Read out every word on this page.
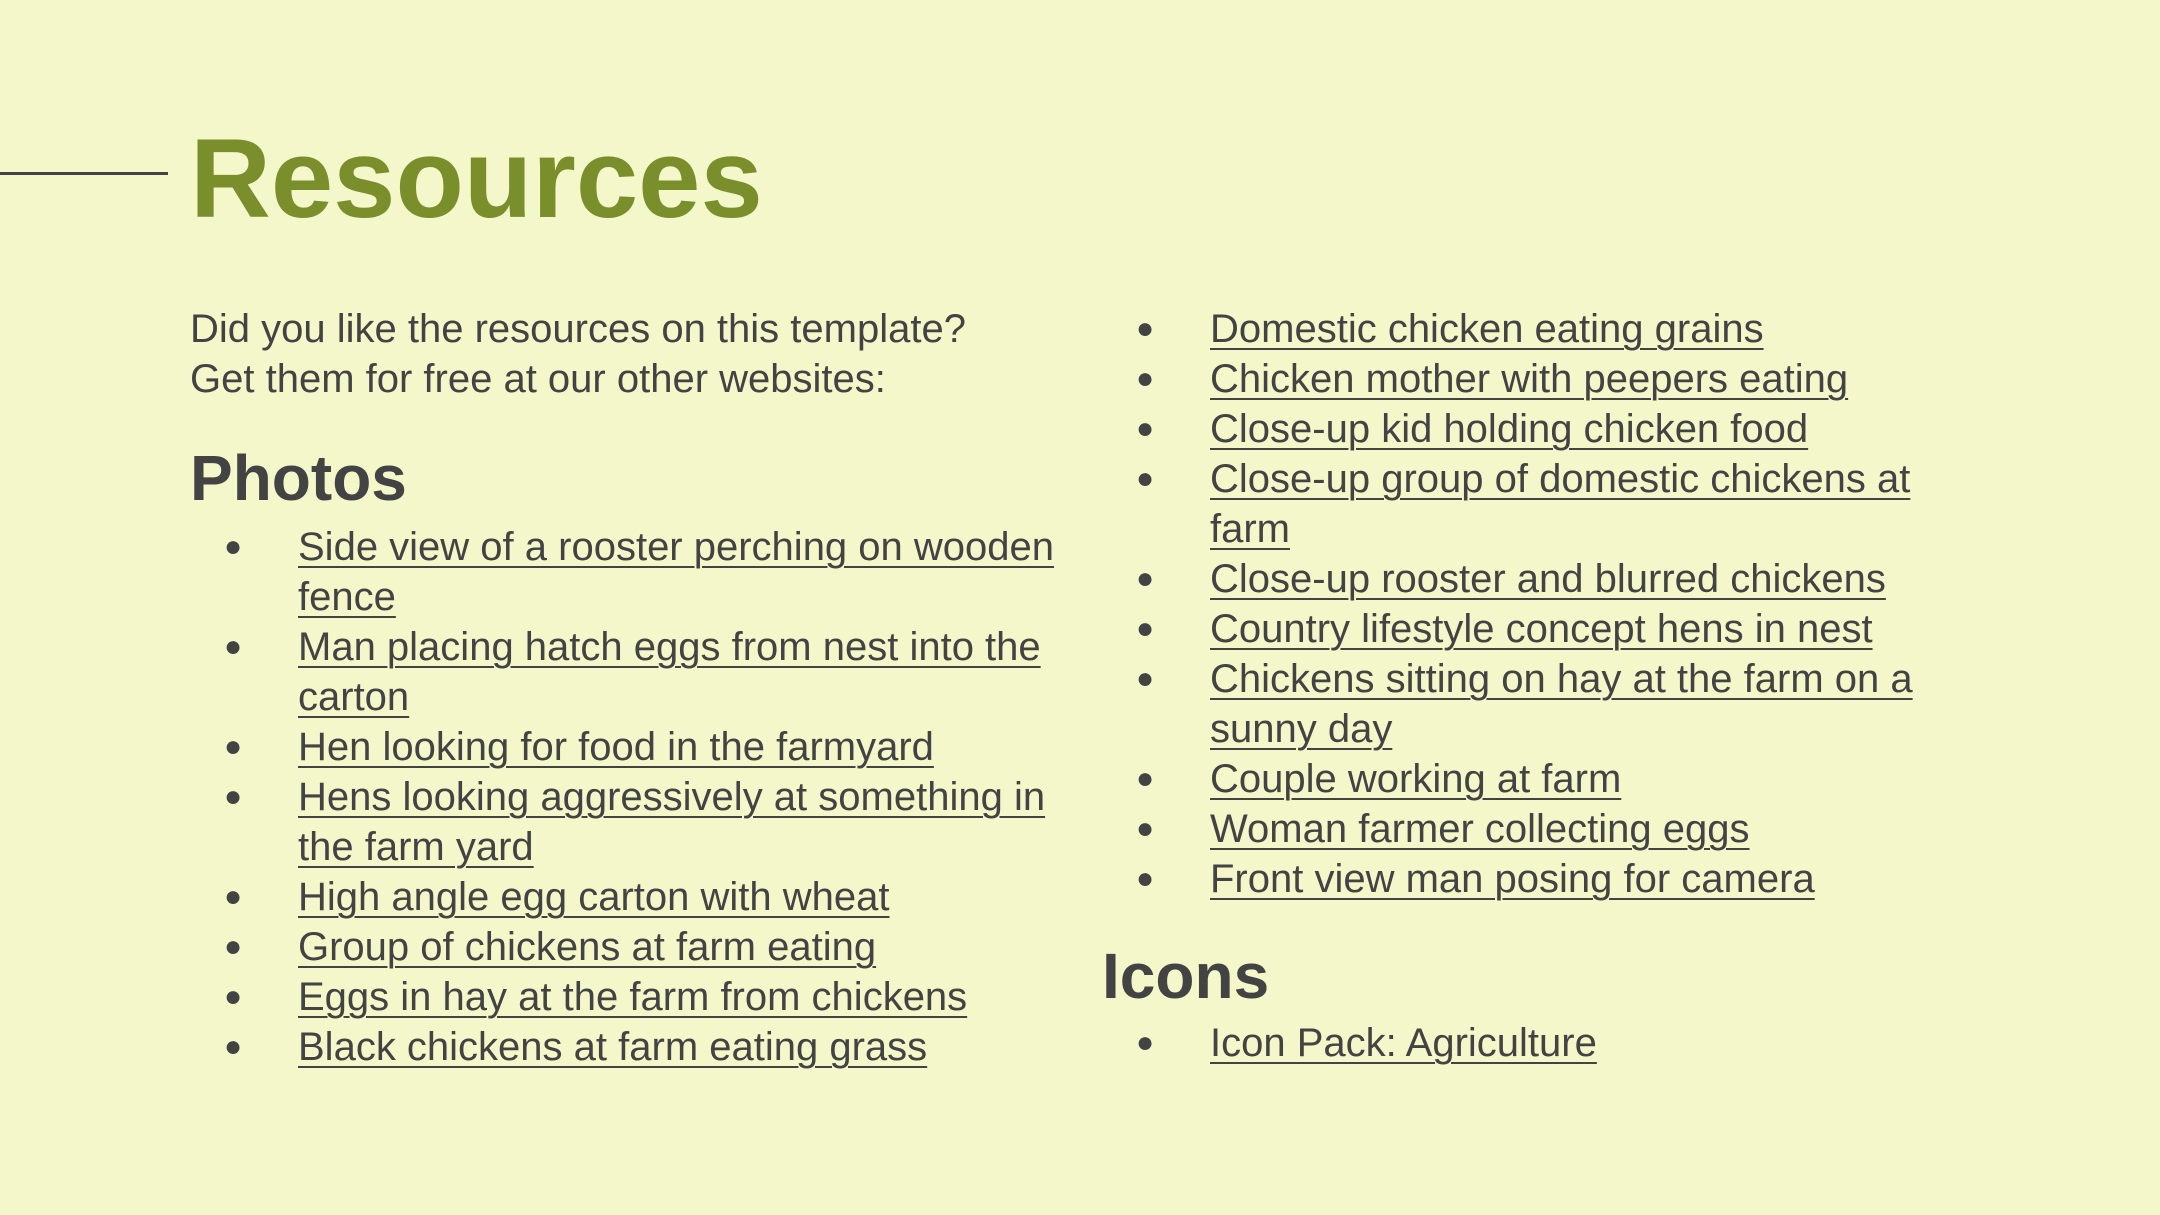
Resources

Did you like the resources on this template?
Get them for free at our other websites:

Photos
● Side view of a rooster perching on wooden fence
● Man placing hatch eggs from nest into the carton
● Hen looking for food in the farmyard
● Hens looking aggressively at something in the farm yard
● High angle egg carton with wheat
● Group of chickens at farm eating
● Eggs in hay at the farm from chickens
● Black chickens at farm eating grass
● Domestic chicken eating grains
● Chicken mother with peepers eating
● Close-up kid holding chicken food
● Close-up group of domestic chickens at farm
● Close-up rooster and blurred chickens
● Country lifestyle concept hens in nest
● Chickens sitting on hay at the farm on a sunny day
● Couple working at farm
● Woman farmer collecting eggs
● Front view man posing for camera
Icons
● Icon Pack: Agriculture
